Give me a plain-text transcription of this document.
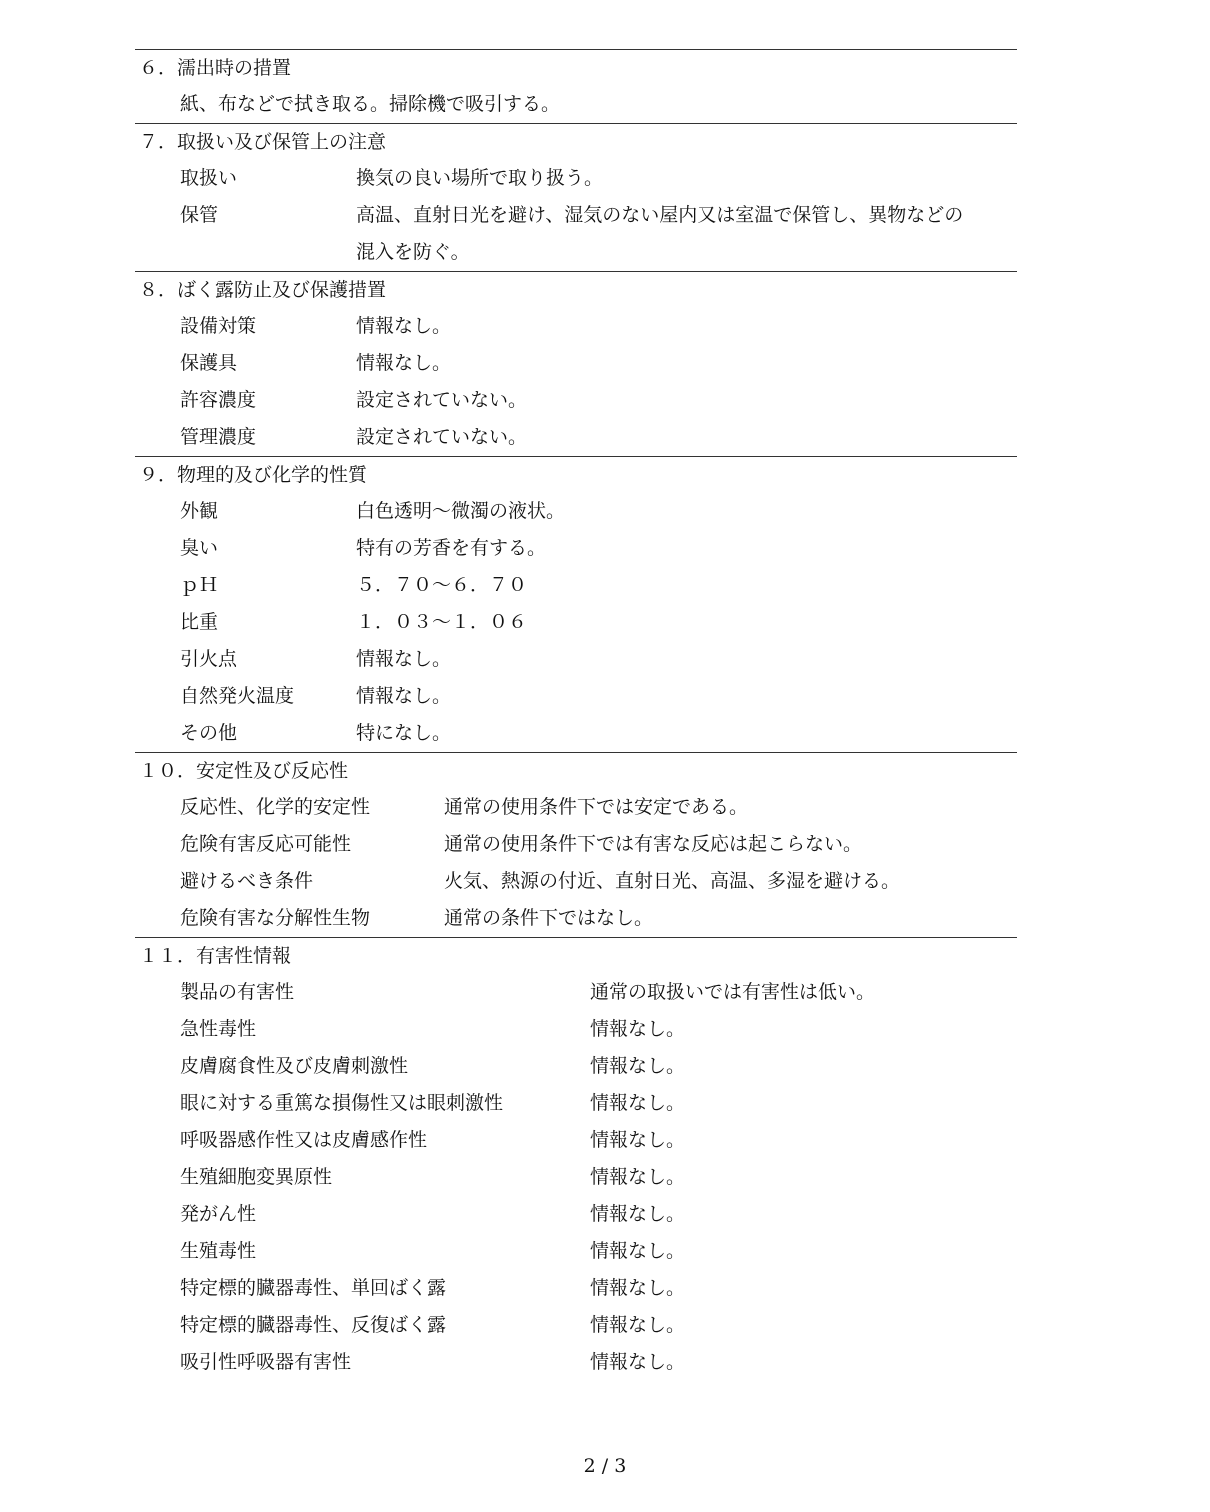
６．濡出時の措置
紙、布などで拭き取る。掃除機で吸引する。
７．取扱い及び保管上の注意
取扱い	換気の良い場所で取り扱う。
保管	高温、直射日光を避け、湿気のない屋内又は室温で保管し、異物などの
混入を防ぐ。
８．ばく露防止及び保護措置
設備対策	情報なし。
保護具	情報なし。
許容濃度	設定されていない。
管理濃度	設定されていない。
９．物理的及び化学的性質
外観	白色透明～微濁の液状。
臭い	特有の芳香を有する。
ｐＨ	５．７０～６．７０
比重	１．０３～１．０６
引火点	情報なし。
自然発火温度	情報なし。
その他	特になし。
１０．安定性及び反応性
反応性、化学的安定性	通常の使用条件下では安定である。
危険有害反応可能性	通常の使用条件下では有害な反応は起こらない。
避けるべき条件	火気、熱源の付近、直射日光、高温、多湿を避ける。
危険有害な分解性生物	通常の条件下ではなし。
１１．有害性情報
製品の有害性	通常の取扱いでは有害性は低い。
急性毒性	情報なし。
皮膚腐食性及び皮膚刺激性	情報なし。
眼に対する重篤な損傷性又は眼刺激性	情報なし。
呼吸器感作性又は皮膚感作性	情報なし。
生殖細胞変異原性	情報なし。
発がん性	情報なし。
生殖毒性	情報なし。
特定標的臓器毒性、単回ばく露	情報なし。
特定標的臓器毒性、反復ばく露	情報なし。
吸引性呼吸器有害性	情報なし。
2 / 3
